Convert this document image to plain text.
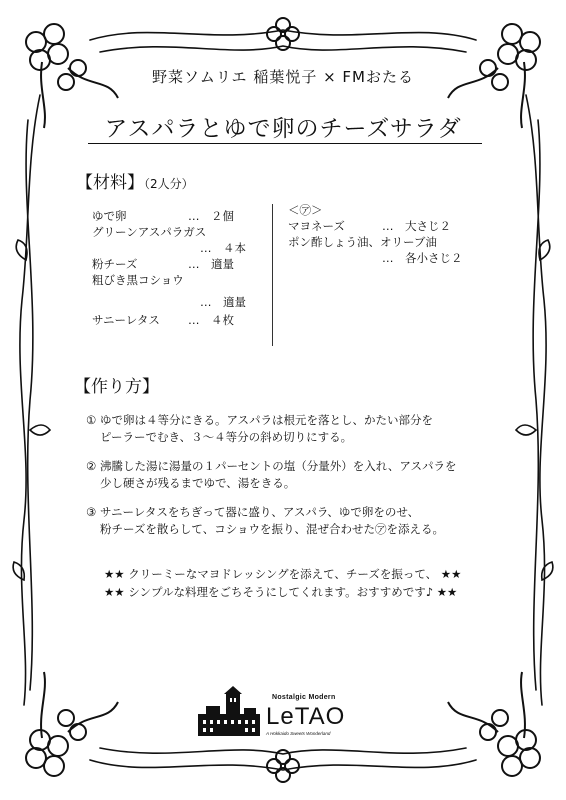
野菜ソムリエ 稲葉悦子 × FMおたる
アスパラとゆで卵のチーズサラダ
【材料】（2人分）
ゆで卵	…　２個
グリーンアスパラガス
…　４本
粉チーズ	…　適量
粗びき黒コショウ
…　適量
サニーレタス …　４枚
＜㋐＞
マヨネーズ	…　大さじ２
ポン酢しょう油、オリーブ油
…　各小さじ２
【作り方】
① ゆで卵は４等分にきる。アスパラは根元を落とし、かたい部分を
ピーラーでむき、３～４等分の斜め切りにする。
② 沸騰した湯に湯量の１パーセントの塩（分量外）を入れ、アスパラを
少し硬さが残るまでゆで、湯をきる。
③ サニーレタスをちぎって器に盛り、アスパラ、ゆで卵をのせ、
粉チーズを散らして、コショウを振り、混ぜ合わせた㋐を添える。
★★ クリーミーなマヨドレッシングを添えて、チーズを振って、 ★★
★★ シンプルな料理をごちそうにしてくれます。おすすめです♪ ★★
Nostalgic Modern
LeTAO
A Hokkaido Sweets Wonderland
